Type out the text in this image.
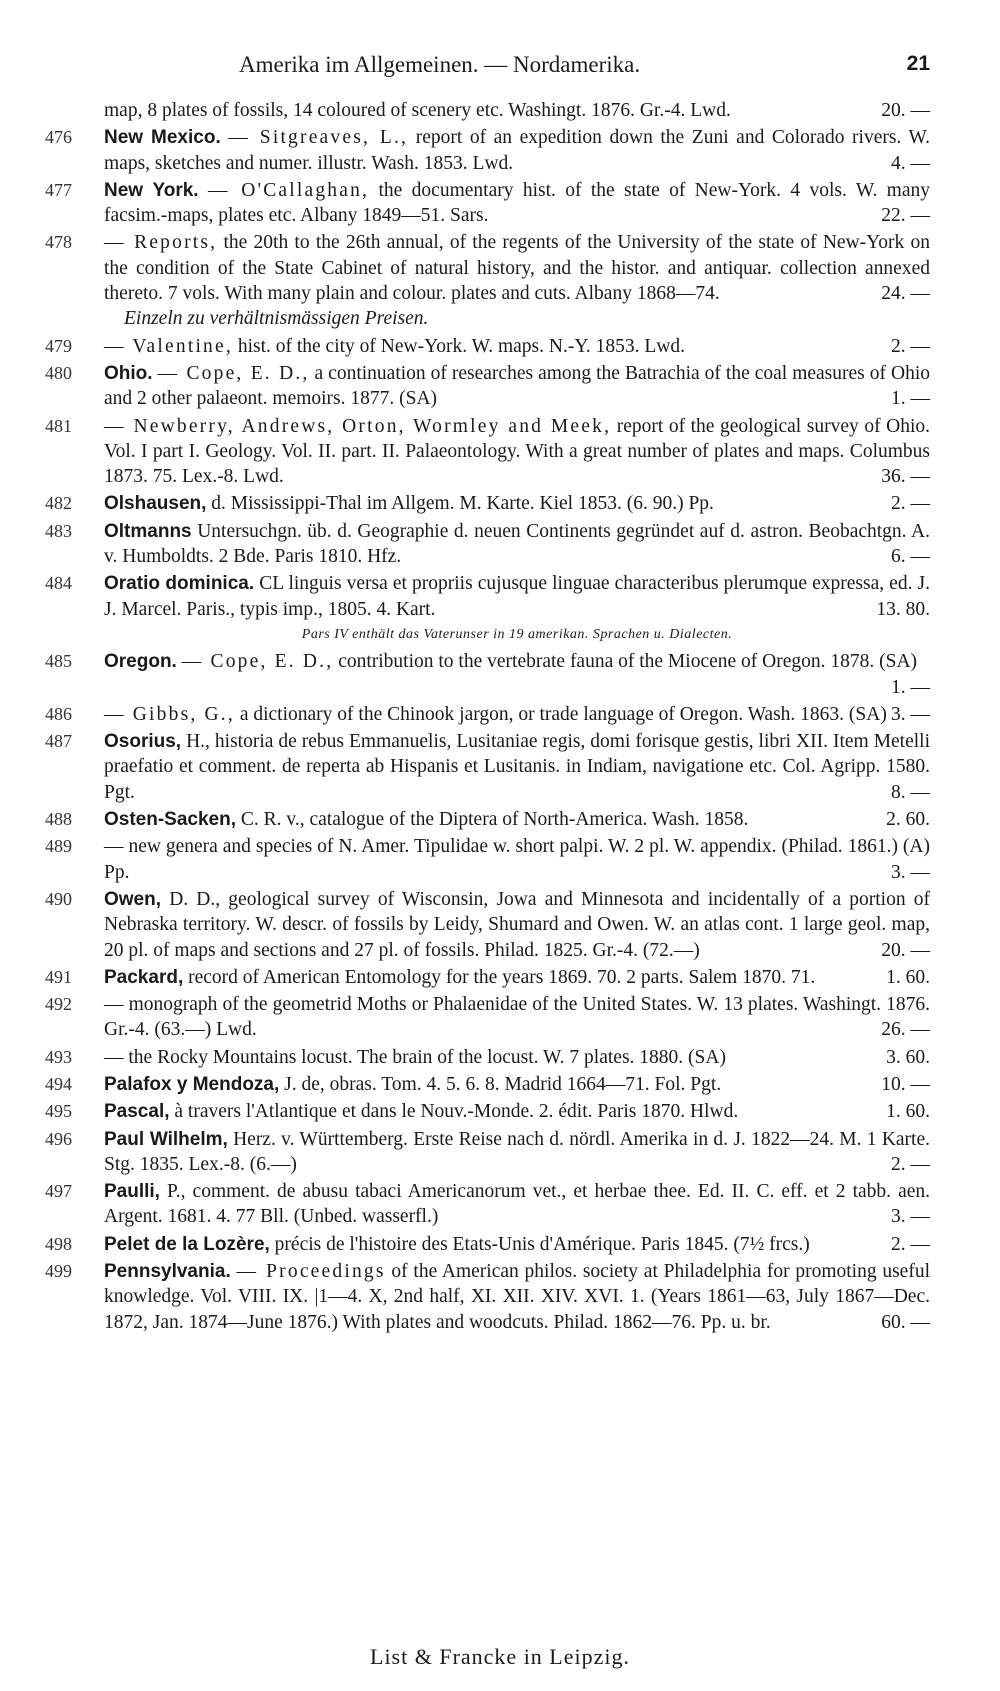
Amerika im Allgemeinen. — Nordamerika.	21
map, 8 plates of fossils, 14 coloured of scenery etc. Washingt. 1876. Gr.-4. Lwd.	20. —
476 New Mexico. — Sitgreaves, L., report of an expedition down the Zuni and Colorado rivers. W. maps, sketches and numer. illustr. Wash. 1853. Lwd.	4. —
477 New York. — O'Callaghan, the documentary hist. of the state of New-York. 4 vols. W. many facsim.-maps, plates etc. Albany 1849—51. Sars.	22. —
478 — Reports, the 20th to the 26th annual, of the regents of the University of the state of New-York on the condition of the State Cabinet of natural history, and the histor. and antiquar. collection annexed thereto. 7 vols. With many plain and colour. plates and cuts. Albany 1868—74.	24. —
Einzeln zu verhältnismässigen Preisen.
479 — Valentine, hist. of the city of New-York. W. maps. N.-Y. 1853. Lwd.	2. —
480 Ohio. — Cope, E. D., a continuation of researches among the Batrachia of the coal measures of Ohio and 2 other palaeont. memoirs. 1877. (SA)	1. —
481 — Newberry, Andrews, Orton, Wormley and Meek, report of the geological survey of Ohio. Vol. I part I. Geology. Vol. II. part. II. Palaeontology. With a great number of plates and maps. Columbus 1873. 75. Lex.-8. Lwd.	36. —
482 Olshausen, d. Mississippi-Thal im Allgem. M. Karte. Kiel 1853. (6. 90.) Pp.	2. —
483 Oltmanns Untersuchgn. üb. d. Geographie d. neuen Continents gegründet auf d. astron. Beobachtgn. A. v. Humboldts. 2 Bde. Paris 1810. Hfz.	6. —
484 Oratio dominica. CL linguis versa et propriis cujusque linguae characteribus plerumque expressa, ed. J. J. Marcel. Paris., typis imp., 1805. 4. Kart.	13. 80.
Pars IV enthält das Vaterunser in 19 amerikan. Sprachen u. Dialecten.
485 Oregon. — Cope, E. D., contribution to the vertebrate fauna of the Miocene of Oregon. 1878. (SA)
1. —
486 — Gibbs, G., a dictionary of the Chinook jargon, or trade language of Oregon. Wash. 1863. (SA) 3. —
487 Osorius, H., historia de rebus Emmanuelis, Lusitaniae regis, domi forisque gestis, libri XII. Item Metelli praefatio et comment. de reperta ab Hispanis et Lusitanis. in Indiam, navigatione etc. Col. Agripp. 1580. Pgt.	8. —
488 Osten-Sacken, C. R. v., catalogue of the Diptera of North-America. Wash. 1858.	2. 60.
489 — new genera and species of N. Amer. Tipulidae w. short palpi. W. 2 pl. W. appendix. (Philad. 1861.) (A) Pp.	3. —
490 Owen, D. D., geological survey of Wisconsin, Jowa and Minnesota and incidentally of a portion of Nebraska territory. W. descr. of fossils by Leidy, Shumard and Owen. W. an atlas cont. 1 large geol. map, 20 pl. of maps and sections and 27 pl. of fossils. Philad. 1825. Gr.-4. (72.—)	20. —
491 Packard, record of American Entomology for the years 1869. 70. 2 parts. Salem 1870. 71.	1. 60.
492 — monograph of the geometrid Moths or Phalaenidae of the United States. W. 13 plates. Washingt. 1876. Gr.-4. (63.—) Lwd.	26. —
493 — the Rocky Mountains locust. The brain of the locust. W. 7 plates. 1880. (SA)	3. 60.
494 Palafox y Mendoza, J. de, obras. Tom. 4. 5. 6. 8. Madrid 1664—71. Fol. Pgt.	10. —
495 Pascal, à travers l'Atlantique et dans le Nouv.-Monde. 2. édit. Paris 1870. Hlwd.	1. 60.
496 Paul Wilhelm, Herz. v. Württemberg. Erste Reise nach d. nördl. Amerika in d. J. 1822—24. M. 1 Karte. Stg. 1835. Lex.-8. (6.—)	2. —
497 Paulli, P., comment. de abusu tabaci Americanorum vet., et herbae thee. Ed. II. C. eff. et 2 tabb. aen. Argent. 1681. 4. 77 Bll. (Unbed. wasserfl.)	3. —
498 Pelet de la Lozère, précis de l'histoire des Etats-Unis d'Amérique. Paris 1845. (7½ frcs.)	2. —
499 Pennsylvania. — Proceedings of the American philos. society at Philadelphia for promoting useful knowledge. Vol. VIII. IX. |1—4. X, 2nd half, XI. XII. XIV. XVI. 1. (Years 1861—63, July 1867—Dec. 1872, Jan. 1874—June 1876.) With plates and woodcuts. Philad. 1862—76. Pp. u. br.	60. —
List & Francke in Leipzig.
